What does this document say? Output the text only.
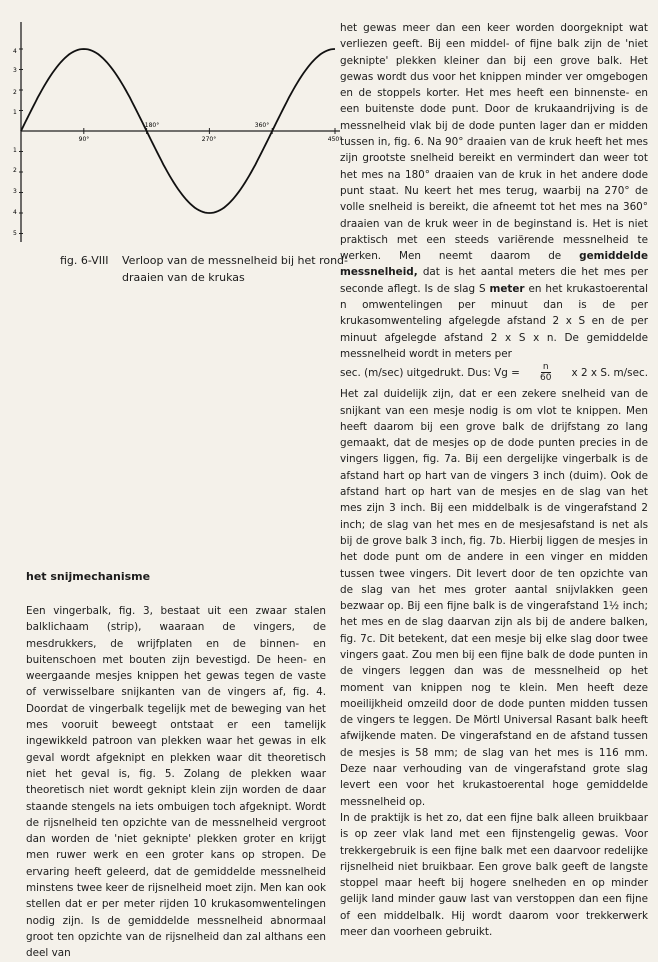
180°	360°
90°	270°	450°
4
3
2
1
1
2
3
4
5
fig. 6-VIII	Verloop van de messnelheid bij het rond-draaien van de krukas

het gewas meer dan een keer worden doorgeknipt wat verliezen geeft. Bij een middel- of fijne balk zijn de 'niet geknipte' plekken kleiner dan bij een grove balk. Het gewas wordt dus voor het knippen minder ver omgebogen en de stoppels korter. Het mes heeft een binnenste- en een buitenste dode punt. Door de krukaandrijving is de messnelheid vlak bij de dode punten lager dan er midden tussen in, fig. 6. Na 90° draaien van de kruk heeft het mes zijn grootste snelheid bereikt en vermindert dan weer tot het mes na 180° draaien van de kruk in het andere dode punt staat. Nu keert het mes terug, waarbij na 270° de volle snelheid is bereikt, die afneemt tot het mes na 360° draaien van de kruk weer in de beginstand is. Het is niet praktisch met een steeds variërende messnelheid te werken. Men neemt daarom de gemiddelde messnelheid, dat is het aantal meters die het mes per seconde aflegt. Is de slag S meter en het krukastoerental n omwentelingen per minuut dan is de per krukasomwenteling afgelegde afstand 2 x S en de per minuut afgelegde afstand 2 x S x n. De gemiddelde messnelheid wordt in meters per

sec. (m/sec) uitgedrukt. Dus: $Vg = \frac{n}{60}$ x 2 x S. m/sec.

Het zal duidelijk zijn, dat er een zekere snelheid van de snijkant van een mesje nodig is om vlot te knippen. Men heeft daarom bij een grove balk de drijfstang zo lang gemaakt, dat de mesjes op de dode punten precies in de vingers liggen, fig. 7a. Bij een dergelijke vingerbalk is de afstand hart op hart van de vingers 3 inch (duim). Ook de afstand hart op hart van de mesjes en de slag van het mes zijn 3 inch. Bij een middelbalk is de vingerafstand 2 inch; de slag van het mes en de mesjesafstand is net als bij de grove balk 3 inch, fig. 7b. Hierbij liggen de mesjes in het dode punt om de andere in een vinger en midden tussen twee vingers. Dit levert door de ten opzichte van de slag van het mes groter aantal snijvlakken geen bezwaar op. Bij een fijne balk is de vingerafstand 1½ inch; het mes en de slag daarvan zijn als bij de andere balken, fig. 7c. Dit betekent, dat een mesje bij elke slag door twee vingers gaat. Zou men bij een fijne balk de dode punten in de vingers leggen dan was de messnelheid op het moment van knippen nog te klein. Men heeft deze moeilijkheid omzeild door de dode punten midden tussen de vingers te leggen. De Mörtl Universal Rasant balk heeft afwijkende maten. De vingerafstand en de afstand tussen de mesjes is 58 mm; de slag van het mes is 116 mm. Deze naar verhouding van de vingerafstand grote slag levert een voor het krukastoerental hoge gemiddelde messnelheid op.

In de praktijk is het zo, dat een fijne balk alleen bruikbaar is op zeer vlak land met een fijnstengelig gewas. Voor trekkergebruik is een fijne balk met een daarvoor redelijke rijsnelheid niet bruikbaar. Een grove balk geeft de langste stoppel maar heeft bij hogere snelheden en op minder gelijk land minder gauw last van verstoppen dan een fijne of een middelbalk. Hij wordt daarom voor trekkerwerk meer dan voorheen gebruikt.

het snijmechanisme

Een vingerbalk, fig. 3, bestaat uit een zwaar stalen balklichaam (strip), waaraan de vingers, de mesdrukkers, de wrijfplaten en de binnen- en buitenschoen met bouten zijn bevestigd. De heen- en weergaande mesjes knippen het gewas tegen de vaste of verwisselbare snijkanten van de vingers af, fig. 4. Doordat de vingerbalk tegelijk met de beweging van het mes vooruit beweegt ontstaat er een tamelijk ingewikkeld patroon van plekken waar het gewas in elk geval wordt afgeknipt en plekken waar dit theoretisch niet het geval is, fig. 5. Zolang de plekken waar theoretisch niet wordt geknipt klein zijn worden de daar staande stengels na iets ombuigen toch afgeknipt. Wordt de rijsnelheid ten opzichte van de messnelheid vergroot dan worden de 'niet geknipte' plekken groter en krijgt men ruwer werk en een groter kans op stropen. De ervaring heeft geleerd, dat de gemiddelde messnelheid minstens twee keer de rijsnelheid moet zijn. Men kan ook stellen dat er per meter rijden 10 krukasomwentelingen nodig zijn. Is de gemiddelde messnelheid abnormaal groot ten opzichte van de rijsnelheid dan zal althans een deel van
